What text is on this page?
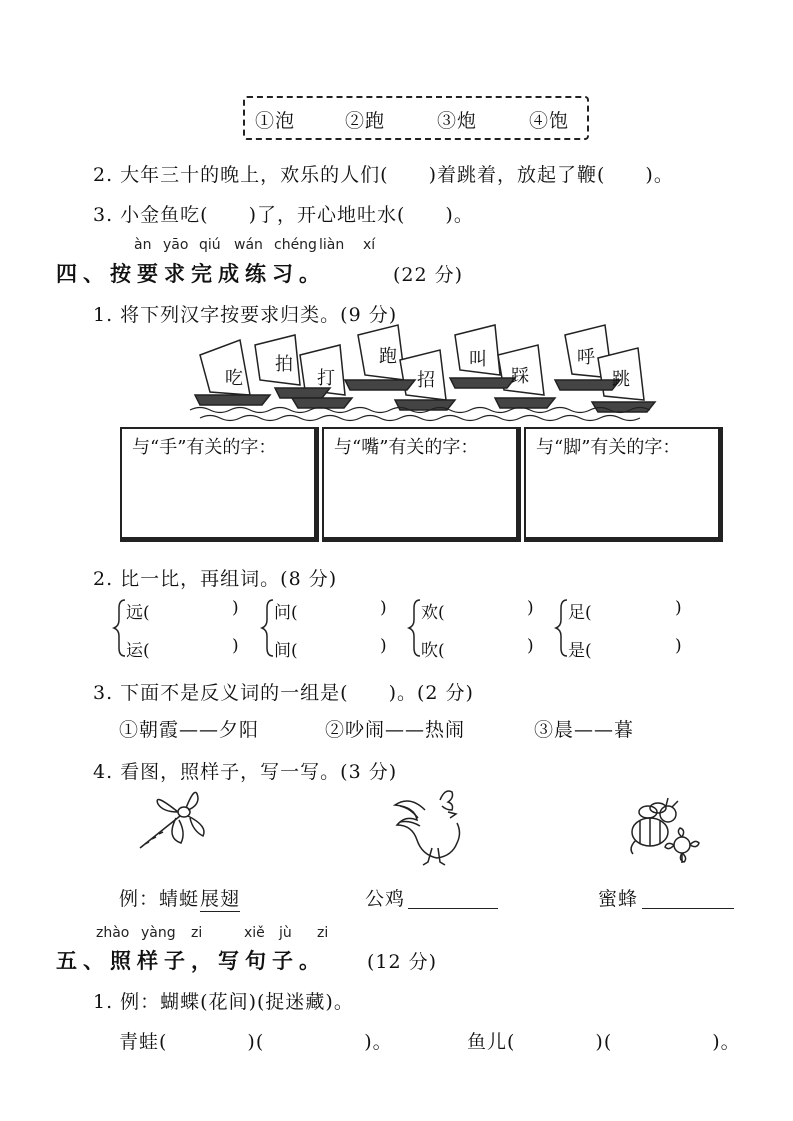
①泡	②跑	③炮	④饱
2. 大年三十的晚上，欢乐的人们(　　)着跳着，放起了鞭(　　)。
3. 小金鱼吃(　　)了，开心地吐水(　　)。
àn yāo qiú wán chéng liàn xí
四、按要求完成练习。	(22 分)
1. 将下列汉字按要求归类。(9 分)
吃
拍
打
跑
招
叫
踩
呼
跳
与“手”有关的字：	与“嘴”有关的字：	与“脚”有关的字：
2. 比一比，再组词。(8 分)
远(	)
运(	)
问(	)
间(	)
欢(	)
吹(	)
足(	)
是(	)
3. 下面不是反义词的一组是(　　)。(2 分)
①朝霞——夕阳	②吵闹——热闹	③晨——暮
4. 看图，照样子，写一写。(3 分)
例：蜻蜓 展翅	公鸡	蜜蜂
zhào yàng zi	xiě jù zi
五、照样子，写句子。 (12 分)
1. 例：蝴蝶(花间)(捉迷藏)。
青蛙(　　　　)(　　　　　)。	鱼儿(　　　　)(　　　　　)。
